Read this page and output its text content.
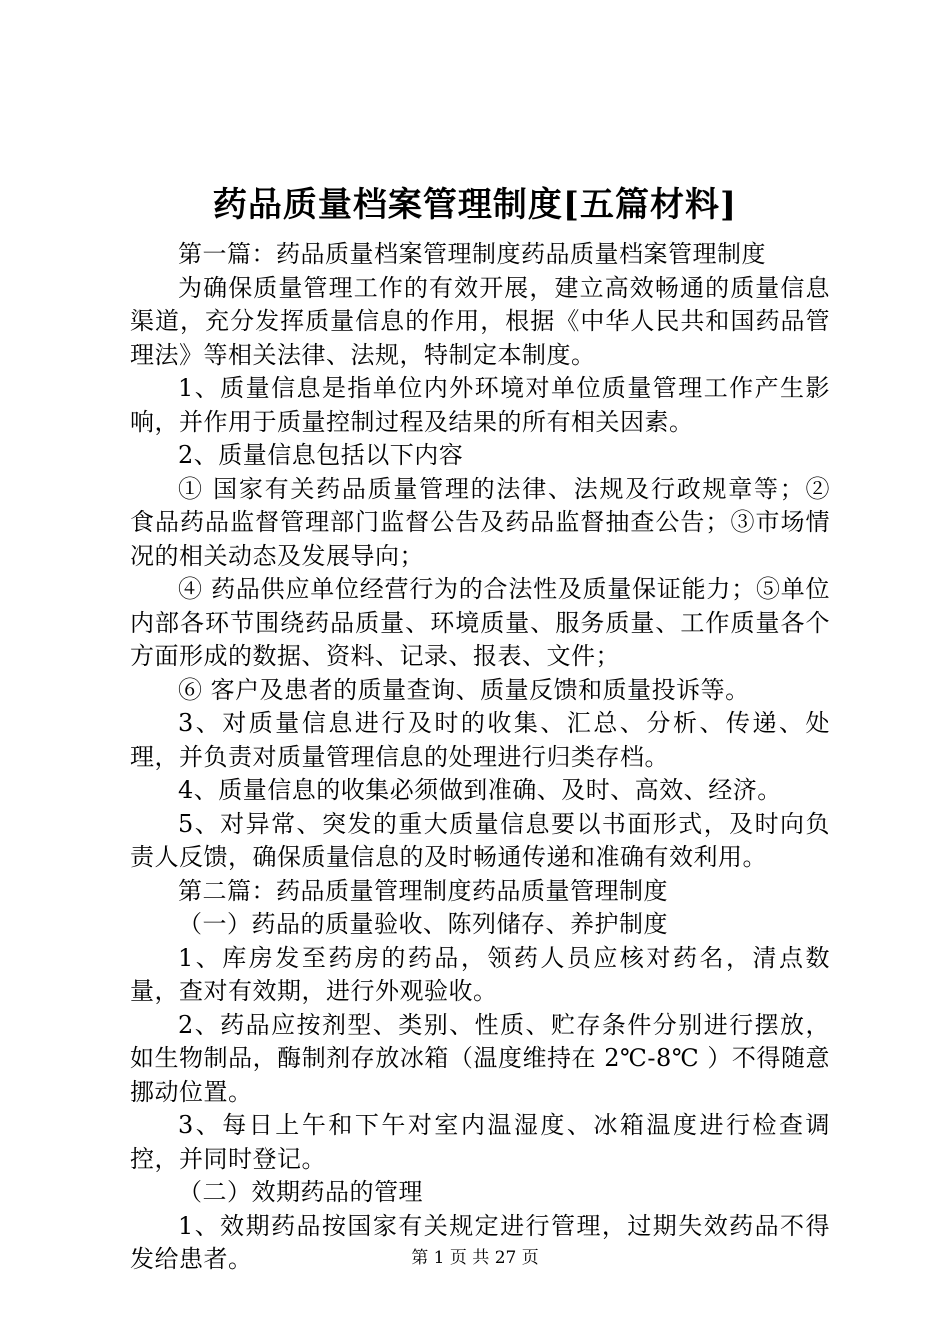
药品质量档案管理制度[五篇材料]

第一篇：药品质量档案管理制度药品质量档案管理制度

为确保质量管理工作的有效开展，建立高效畅通的质量信息渠道，充分发挥质量信息的作用，根据《中华人民共和国药品管理法》等相关法律、法规，特制定本制度。

1、质量信息是指单位内外环境对单位质量管理工作产生影响，并作用于质量控制过程及结果的所有相关因素。

2、质量信息包括以下内容

① 国家有关药品质量管理的法律、法规及行政规章等；② 食品药品监督管理部门监督公告及药品监督抽查公告；③市场情况的相关动态及发展导向；

④ 药品供应单位经营行为的合法性及质量保证能力；⑤单位内部各环节围绕药品质量、环境质量、服务质量、工作质量各个方面形成的数据、资料、记录、报表、文件；

⑥ 客户及患者的质量查询、质量反馈和质量投诉等。

3、对质量信息进行及时的收集、汇总、分析、传递、处理，并负责对质量管理信息的处理进行归类存档。

4、质量信息的收集必须做到准确、及时、高效、经济。

5、对异常、突发的重大质量信息要以书面形式，及时向负责人反馈，确保质量信息的及时畅通传递和准确有效利用。

第二篇：药品质量管理制度药品质量管理制度

（一）药品的质量验收、陈列储存、养护制度

1、库房发至药房的药品，领药人员应核对药名，清点数量，查对有效期，进行外观验收。

2、药品应按剂型、类别、性质、贮存条件分别进行摆放，如生物制品，酶制剂存放冰箱（温度维持在 2℃-8℃ ）不得随意挪动位置。

3、每日上午和下午对室内温湿度、冰箱温度进行检查调控，并同时登记。

（二）效期药品的管理

1、效期药品按国家有关规定进行管理，过期失效药品不得发给患者。	第 1 页 共 27 页
